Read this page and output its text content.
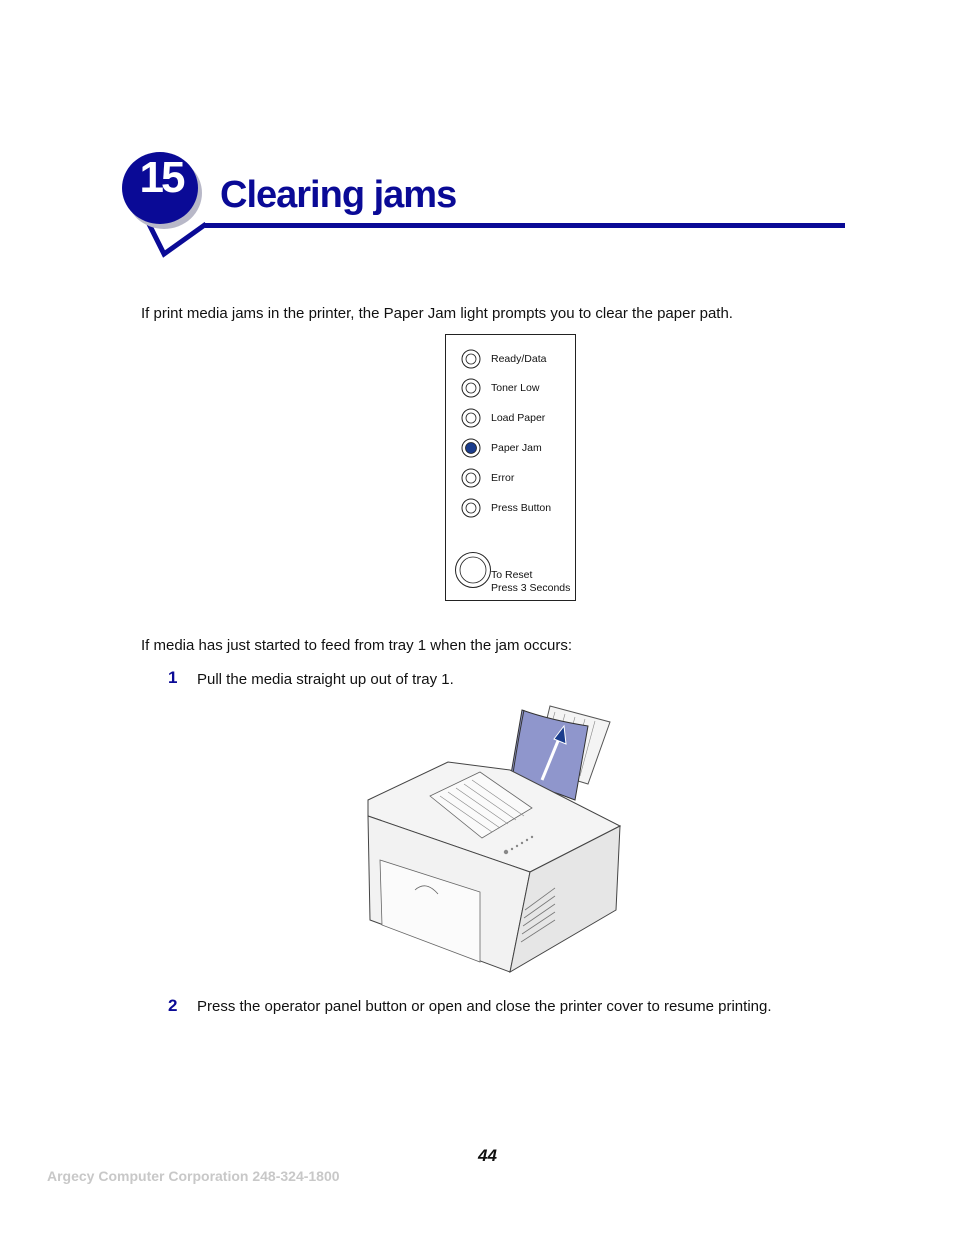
15 Clearing jams

If print media jams in the printer, the Paper Jam light prompts you to clear the paper path.

Ready/Data
Toner Low
Load Paper
Paper Jam
Error
Press Button
To Reset
Press 3 Seconds

If media has just started to feed from tray 1 when the jam occurs:

1 Pull the media straight up out of tray 1.

2 Press the operator panel button or open and close the printer cover to resume printing.

44
Argecy Computer Corporation 248-324-1800
